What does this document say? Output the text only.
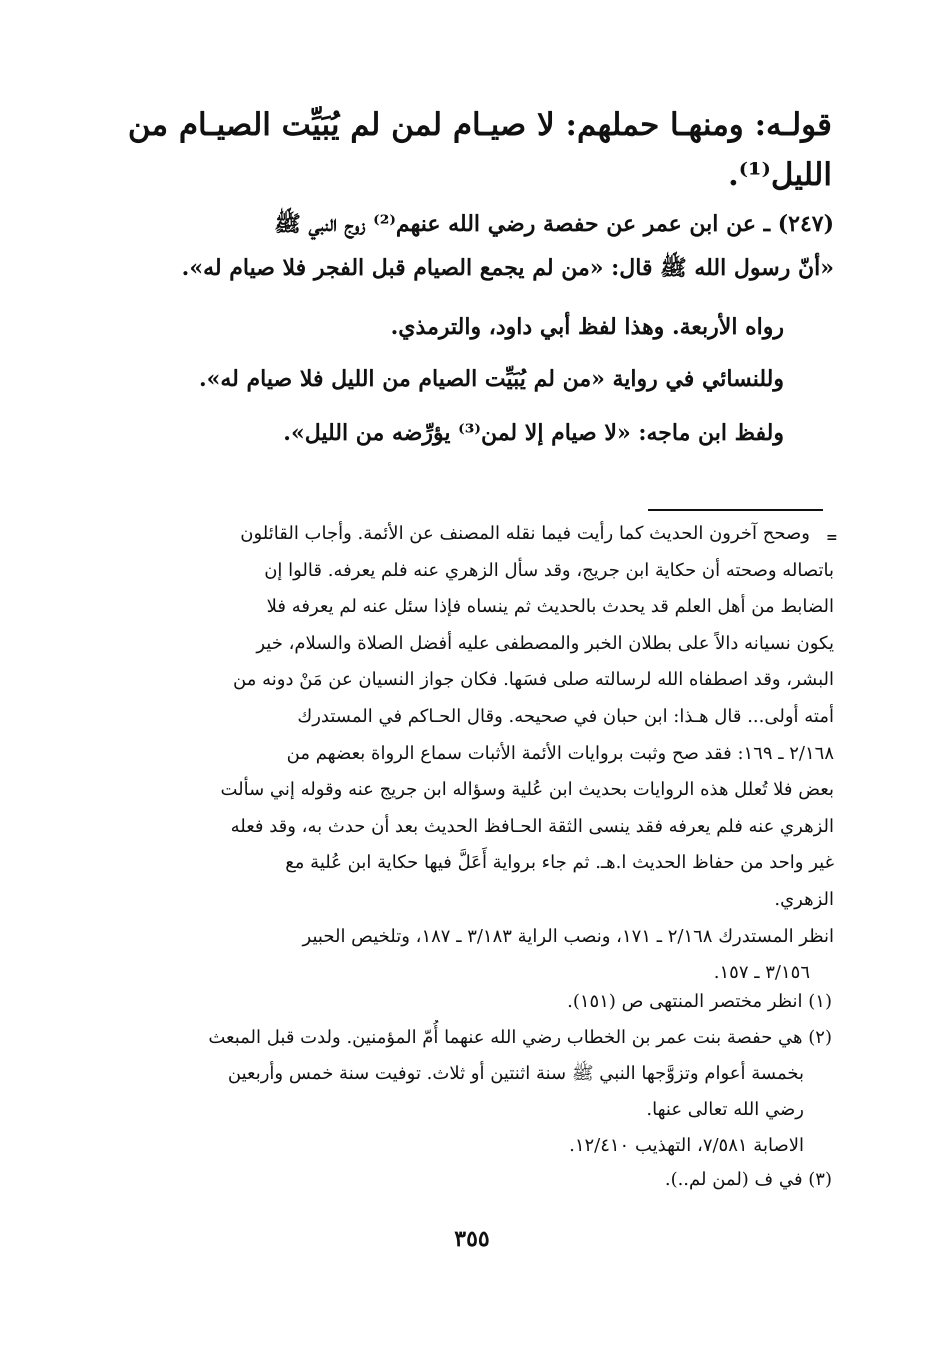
قولـه: ومنهـا حملهم: لا صيـام لمن لم يُبَيِّت الصيـام من
الليل⁽¹⁾.
(٢٤٧) ـ عن ابن عمر عن حفصة رضي الله عنهم⁽²⁾ زوج النبي ﷺ
«أنّ رسول الله ﷺ قال: «من لم يجمع الصيام قبل الفجر فلا صيام له».
رواه الأربعة. وهذا لفظ أبي داود، والترمذي.
وللنسائي في رواية «من لم يُبَيِّت الصيام من الليل فلا صيام له».
ولفظ ابن ماجه: «لا صيام إلا لمن⁽³⁾ يؤرِّضه من الليل».
=
وصحح آخرون الحديث كما رأيت فيما نقله المصنف عن الأئمة. وأجاب القائلون
باتصاله وصحته أن حكاية ابن جريج، وقد سأل الزهري عنه فلم يعرفه. قالوا إن
الضابط من أهل العلم قد يحدث بالحديث ثم ينساه فإذا سئل عنه لم يعرفه فلا
يكون نسيانه دالاً على بطلان الخبر والمصطفى عليه أفضل الصلاة والسلام، خير
البشر، وقد اصطفاه الله لرسالته صلى فسَها. فكان جواز النسيان عن مَنْ دونه من
أمته أولى... قال هـذا: ابن حبان في صحيحه. وقال الحـاكم في المستدرك
٢/١٦٨ ـ ١٦٩: فقد صح وثبت بروايات الأئمة الأثبات سماع الرواة بعضهم من
بعض فلا تُعلل هذه الروايات بحديث ابن عُلية وسؤاله ابن جريج عنه وقوله إني سألت
الزهري عنه فلم يعرفه فقد ينسى الثقة الحـافظ الحديث بعد أن حدث به، وقد فعله
غير واحد من حفاظ الحديث ا.هـ. ثم جاء برواية أَعَلَّ فيها حكاية ابن عُلية مع
الزهري.
انظر المستدرك ٢/١٦٨ ـ ١٧١، ونصب الراية ٣/١٨٣ ـ ١٨٧، وتلخيص الحبير
٣/١٥٦ ـ ١٥٧.
(١) انظر مختصر المنتهى ص (١٥١).
(٢) هي حفصة بنت عمر بن الخطاب رضي الله عنهما أُمّ المؤمنين. ولدت قبل المبعث
بخمسة أعوام وتزوَّجها النبي ﷺ سنة اثنتين أو ثلاث. توفيت سنة خمس وأربعين
رضي الله تعالى عنها.
الاصابة ٧/٥٨١، التهذيب ١٢/٤١٠.
(٣) في ف (لمن لم..).
٣٥٥
